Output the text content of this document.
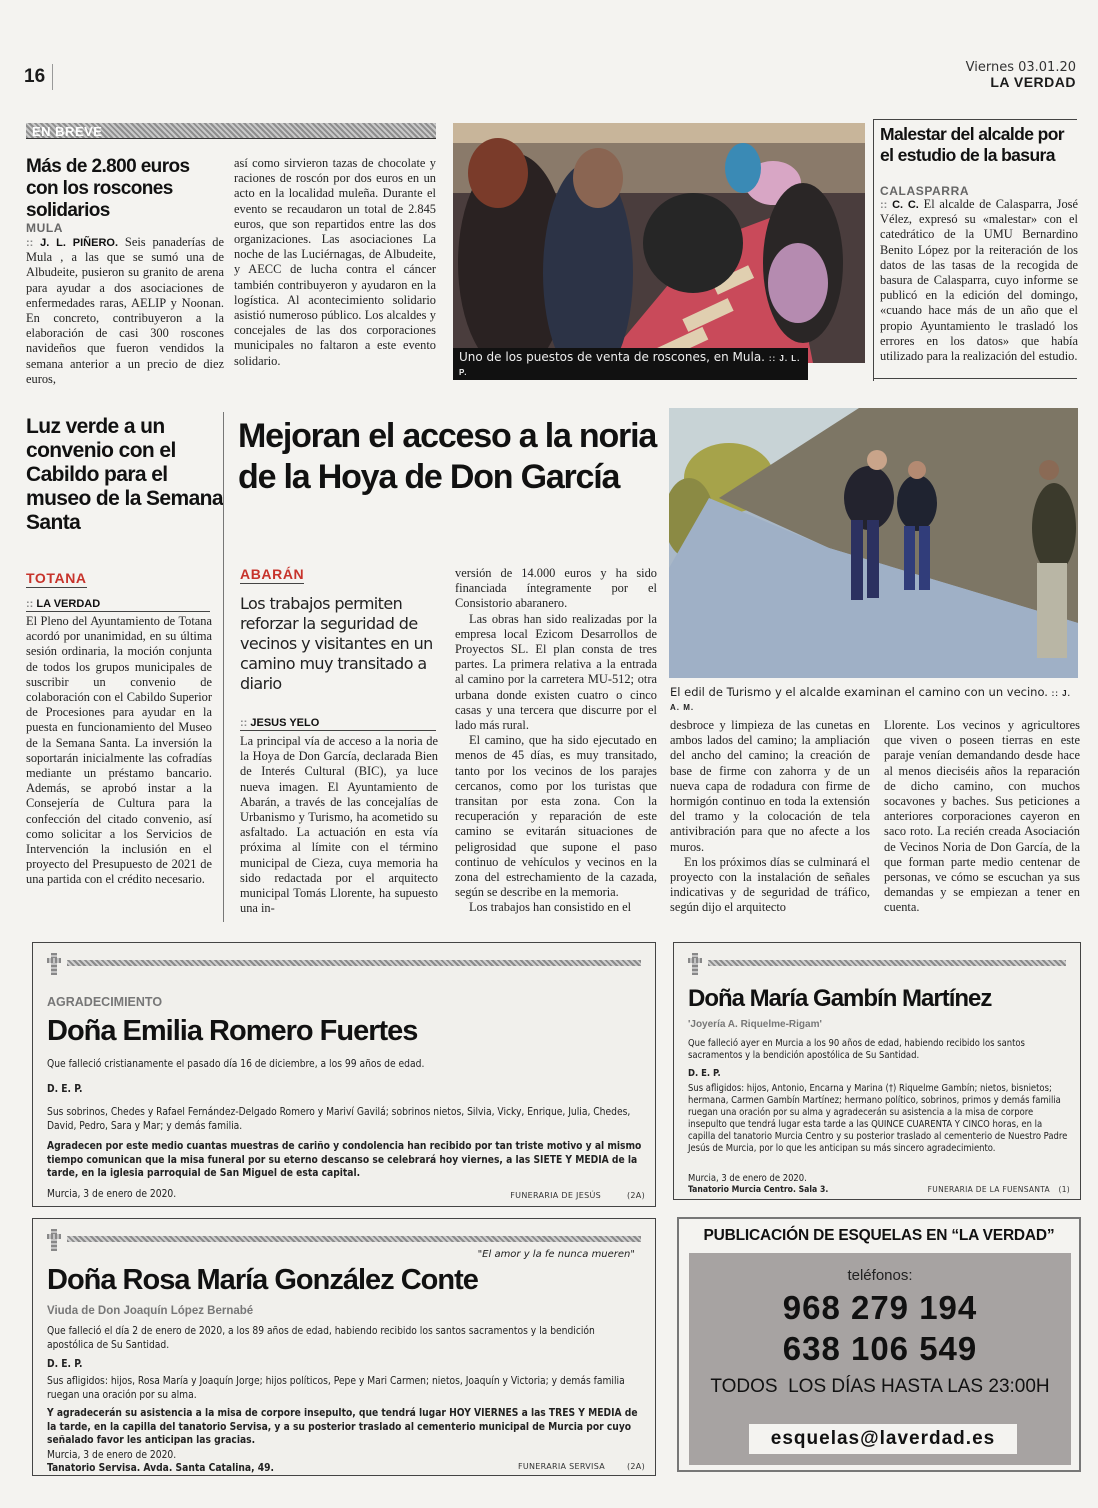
16	Viernes 03.01.20
LA VERDAD
EN BREVE
Más de 2.800 euros con los roscones solidarios
MULA
:: J. L. PIÑERO. Seis panaderías de Mula , a las que se sumó una de Albudeite, pusieron su granito de arena para ayudar a dos asociaciones de enfermedades raras, AELIP y Noonan. En concreto, contribuyeron a la elaboración de casi 300 roscones navideños que fueron vendidos la semana anterior a un precio de diez euros,
así como sirvieron tazas de chocolate y raciones de roscón por dos euros en un acto en la localidad muleña. Durante el evento se recaudaron un total de 2.845 euros, que son repartidos entre las dos organizaciones. Las asociaciones La noche de las Luciérnagas, de Albudeite, y AECC de lucha contra el cáncer también contribuyeron y ayudaron en la logística. Al acontecimiento solidario asistió numeroso público. Los alcaldes y concejales de las dos corporaciones municipales no faltaron a este evento solidario.	Uno de los puestos de venta de roscones, en Mula. :: J. L. P.
Malestar del alcalde por el estudio de la basura
CALASPARRA
:: C. C. El alcalde de Calasparra, José Vélez, expresó su «malestar» con el catedrático de la UMU Bernardino Benito López por la reiteración de los datos de las tasas de la recogida de basura de Calasparra, cuyo informe se publicó en la edición del domingo, «cuando hace más de un año que el propio Ayuntamiento le trasladó los errores en los datos» que había utilizado para la realización del estudio.
Luz verde a un convenio con el Cabildo para el museo de la Semana Santa
TOTANA
:: LA VERDAD
El Pleno del Ayuntamiento de Totana acordó por unanimidad, en su última sesión ordinaria, la moción conjunta de todos los grupos municipales de suscribir un convenio de colaboración con el Cabildo Superior de Procesiones para ayudar en la puesta en funcionamiento del Museo de la Semana Santa. La inversión la soportarán inicialmente las cofradías mediante un préstamo bancario. Además, se aprobó instar a la Consejería de Cultura para la confección del citado convenio, así como solicitar a los Servicios de Intervención la inclusión en el proyecto del Presupuesto de 2021 de una partida con el crédito necesario.
Mejoran el acceso a la noria de la Hoya de Don García
ABARÁN
Los trabajos permiten reforzar la seguridad de vecinos y visitantes en un camino muy transitado a diario
:: JESUS YELO
La principal vía de acceso a la noria de la Hoya de Don García, declarada Bien de Interés Cultural (BIC), ya luce nueva imagen. El Ayuntamiento de Abarán, a través de las concejalías de Urbanismo y Turismo, ha acometido su asfaltado. La actuación en esta vía próxima al límite con el término municipal de Cieza, cuya memoria ha sido redactada por el arquitecto municipal Tomás Llorente, ha supuesto una in-

versión de 14.000 euros y ha sido financiada íntegramente por el Consistorio abaranero.

Las obras han sido realizadas por la empresa local Ezicom Desarrollos de Proyectos SL. El plan consta de tres partes. La primera relativa a la entrada al camino por la carretera MU-512; otra urbana donde existen cuatro o cinco casas y una tercera que discurre por el lado más rural.

El camino, que ha sido ejecutado en menos de 45 días, es muy transitado, tanto por los vecinos de los parajes cercanos, como por los turistas que transitan por esta zona. Con la recuperación y reparación de este camino se evitarán situaciones de peligrosidad que supone el paso continuo de vehículos y vecinos en la zona del estrechamiento de la cazada, según se describe en la memoria.

Los trabajos han consistido en el

El edil de Turismo y el alcalde examinan el camino con un vecino. :: J. A. M.

desbroce y limpieza de las cunetas en ambos lados del camino; la ampliación del ancho del camino; la creación de base de firme con zahorra y de un nueva capa de rodadura con firme de hormigón continuo en toda la extensión del tramo y la colocación de tela antivibración para que no afecte a los muros.

En los próximos días se culminará el proyecto con la instalación de señales indicativas y de seguridad de tráfico, según dijo el arquitecto

Llorente. Los vecinos y agricultores que viven o poseen tierras en este paraje venían demandando desde hace al menos dieciséis años la reparación de dicho camino, con muchos socavones y baches. Sus peticiones a anteriores corporaciones cayeron en saco roto. La recién creada Asociación de Vecinos Noria de Don García, de la que forman parte medio centenar de personas, ve cómo se escuchan ya sus demandas y se empiezan a tener en cuenta.
AGRADECIMIENTO
Doña Emilia Romero Fuertes
Que falleció cristianamente el pasado día 16 de diciembre, a los 99 años de edad.
D. E. P.
Sus sobrinos, Chedes y Rafael Fernández-Delgado Romero y Mariví Gavilá; sobrinos nietos, Silvia, Vicky, Enrique, Julia, Chedes, David, Pedro, Sara y Mar; y demás familia.
Agradecen por este medio cuantas muestras de cariño y condolencia han recibido por tan triste motivo y al mismo tiempo comunican que la misa funeral por su eterno descanso se celebrará hoy viernes, a las SIETE Y MEDIA de la tarde, en la iglesia parroquial de San Miguel de esta capital.
Murcia, 3 de enero de 2020.	FUNERARIA DE JESÚS	(2A)
Doña María Gambín Martínez
'Joyería A. Riquelme-Rigam'
Que falleció ayer en Murcia a los 90 años de edad, habiendo recibido los santos sacramentos y la bendición apostólica de Su Santidad.
D. E. P.
Sus afligidos: hijos, Antonio, Encarna y Marina (†) Riquelme Gambín; nietos, bisnietos; hermana, Carmen Gambín Martínez; hermano político, sobrinos, primos y demás familia ruegan una oración por su alma y agradecerán su asistencia a la misa de corpore insepulto que tendrá lugar esta tarde a las QUINCE CUARENTA Y CINCO horas, en la capilla del tanatorio Murcia Centro y su posterior traslado al cementerio de Nuestro Padre Jesús de Murcia, por lo que les anticipan su más sincero agradecimiento.
Murcia, 3 de enero de 2020.
Tanatorio Murcia Centro. Sala 3.	FUNERARIA DE LA FUENSANTA (1)
"El amor y la fe nunca mueren"
Doña Rosa María González Conte
Viuda de Don Joaquín López Bernabé
Que falleció el día 2 de enero de 2020, a los 89 años de edad, habiendo recibido los santos sacramentos y la bendición apostólica de Su Santidad.
D. E. P.
Sus afligidos: hijos, Rosa María y Joaquín Jorge; hijos políticos, Pepe y Mari Carmen; nietos, Joaquín y Victoria; y demás familia ruegan una oración por su alma.
Y agradecerán su asistencia a la misa de corpore insepulto, que tendrá lugar HOY VIERNES a las TRES Y MEDIA de la tarde, en la capilla del tanatorio Servisa, y a su posterior traslado al cementerio municipal de Murcia por cuyo señalado favor les anticipan las gracias.
Murcia, 3 de enero de 2020.
Tanatorio Servisa. Avda. Santa Catalina, 49.	FUNERARIA SERVISA	(2A)
PUBLICACIÓN DE ESQUELAS EN “LA VERDAD”
teléfonos:
968 279 194
638 106 549
TODOS  LOS DÍAS HASTA LAS 23:00H
esquelas@laverdad.es
